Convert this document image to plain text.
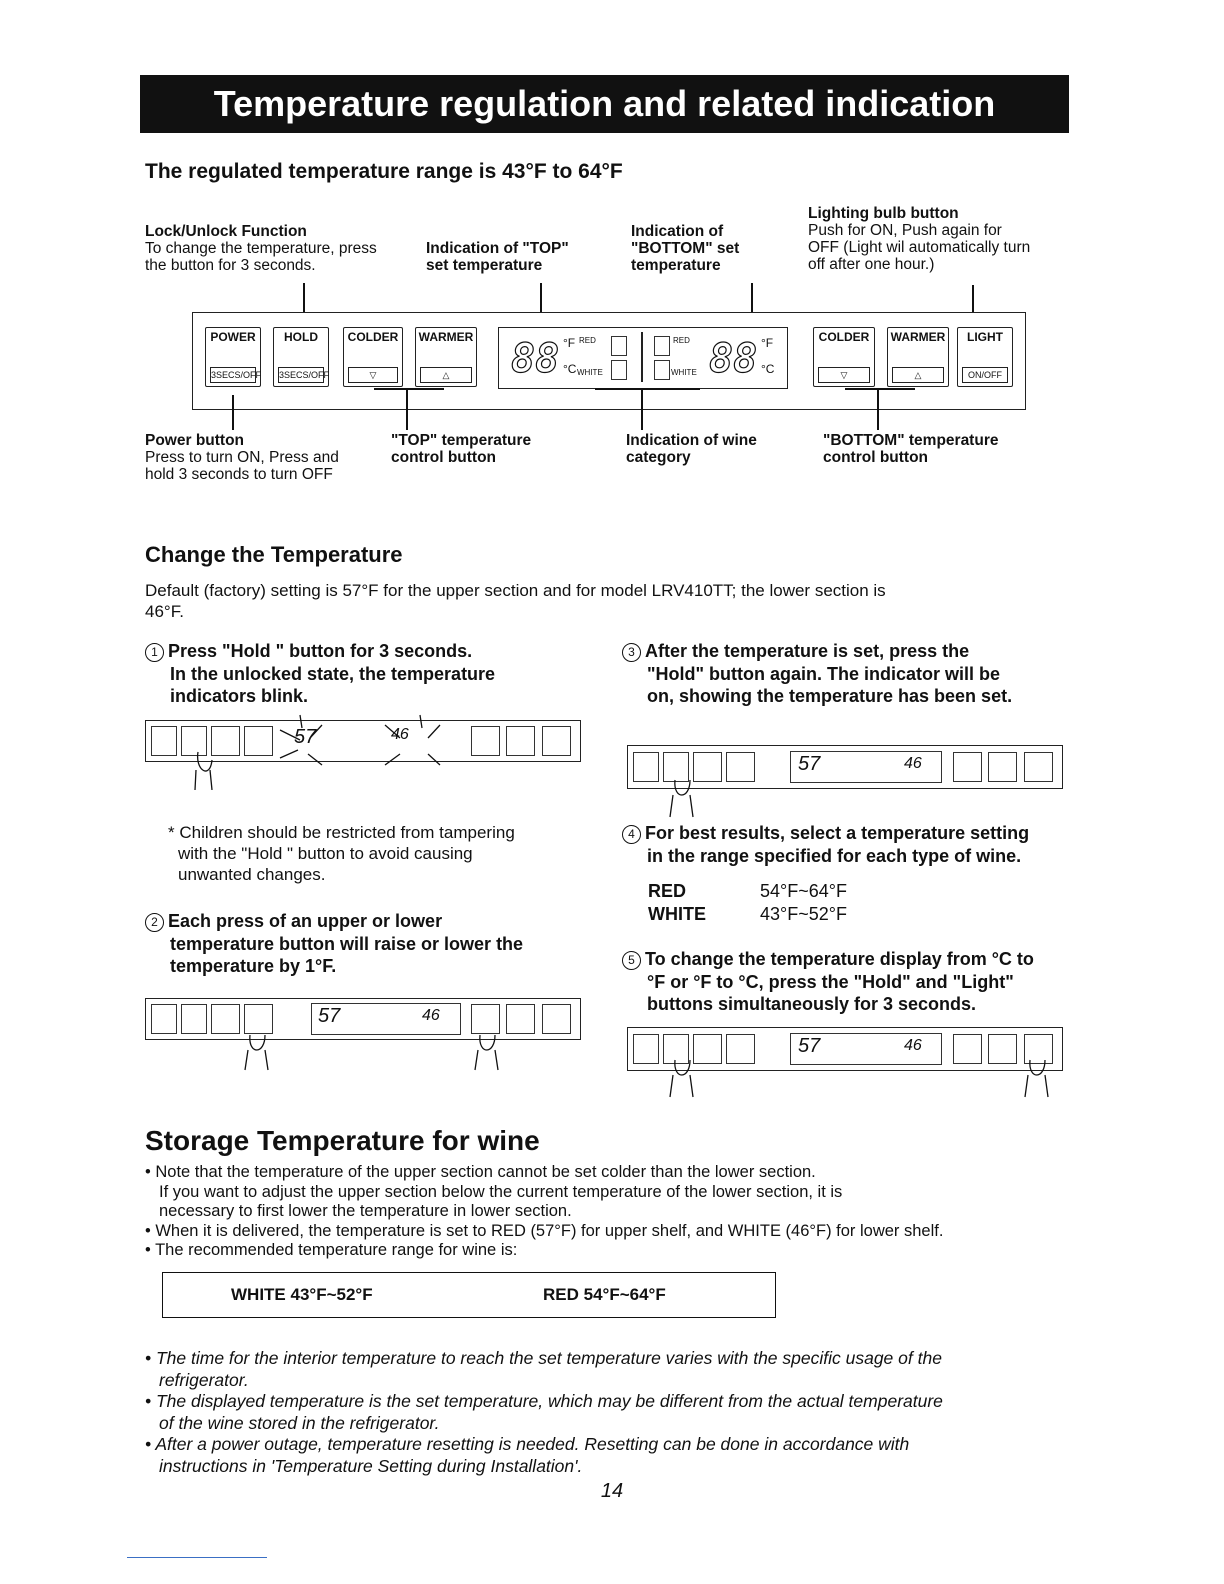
Temperature regulation and related indication
The regulated temperature range is 43°F to 64°F
Lock/Unlock Function
To change the temperature, press
the button for 3 seconds.
Indication of "TOP"
set temperature
Indication of
"BOTTOM" set
temperature
Lighting bulb button
Push for ON, Push again for
OFF (Light wil automatically turn
off after one hour.)
POWER
3SECS/OFF
HOLD
3SECS/OFF
COLDER
▽
WARMER
△	88 °F
°C
RED
WHITE
RED
WHITE 88 °F
°C
COLDER
▽
WARMER
△
LIGHT
ON/OFF
Power button
Press to turn ON, Press and
hold 3 seconds to turn OFF
"TOP" temperature
control button
Indication of wine
category
"BOTTOM" temperature
control button
Change the Temperature
Default (factory) setting is 57°F for the upper section and for model LRV410TT; the lower section is
46°F.
1 Press "Hold " button for 3 seconds.
In the unlocked state, the temperature
indicators blink.
57	46
* Children should be restricted from tampering
with the "Hold " button to avoid causing
unwanted changes.
2 Each press of an upper or lower
temperature button will raise or lower the
temperature by 1°F.
57	46
3 After the temperature is set, press the
"Hold" button again. The indicator will be
on, showing the temperature has been set.
57	46
4 For best results, select a temperature setting
in the range specified for each type of wine.
RED	54°F~64°F
WHITE	43°F~52°F
5 To change the temperature display from °C to
°F or °F to °C, press the "Hold" and "Light"
buttons simultaneously for 3 seconds.
57	46
Storage Temperature for wine
• Note that the temperature of the upper section cannot be set colder than the lower section.
If you want to adjust the upper section below the current temperature of the lower section, it is
necessary to first lower the temperature in lower section.
• When it is delivered, the temperature is set to RED (57°F) for upper shelf, and WHITE (46°F) for lower shelf.
• The recommended temperature range for wine is:
WHITE 43°F~52°F	RED 54°F~64°F
• The time for the interior temperature to reach the set temperature varies with the specific usage of the
refrigerator.
• The displayed temperature is the set temperature, which may be different from the actual temperature
of the wine stored in the refrigerator.
• After a power outage, temperature resetting is needed. Resetting can be done in accordance with
instructions in 'Temperature Setting during Installation'.
14
